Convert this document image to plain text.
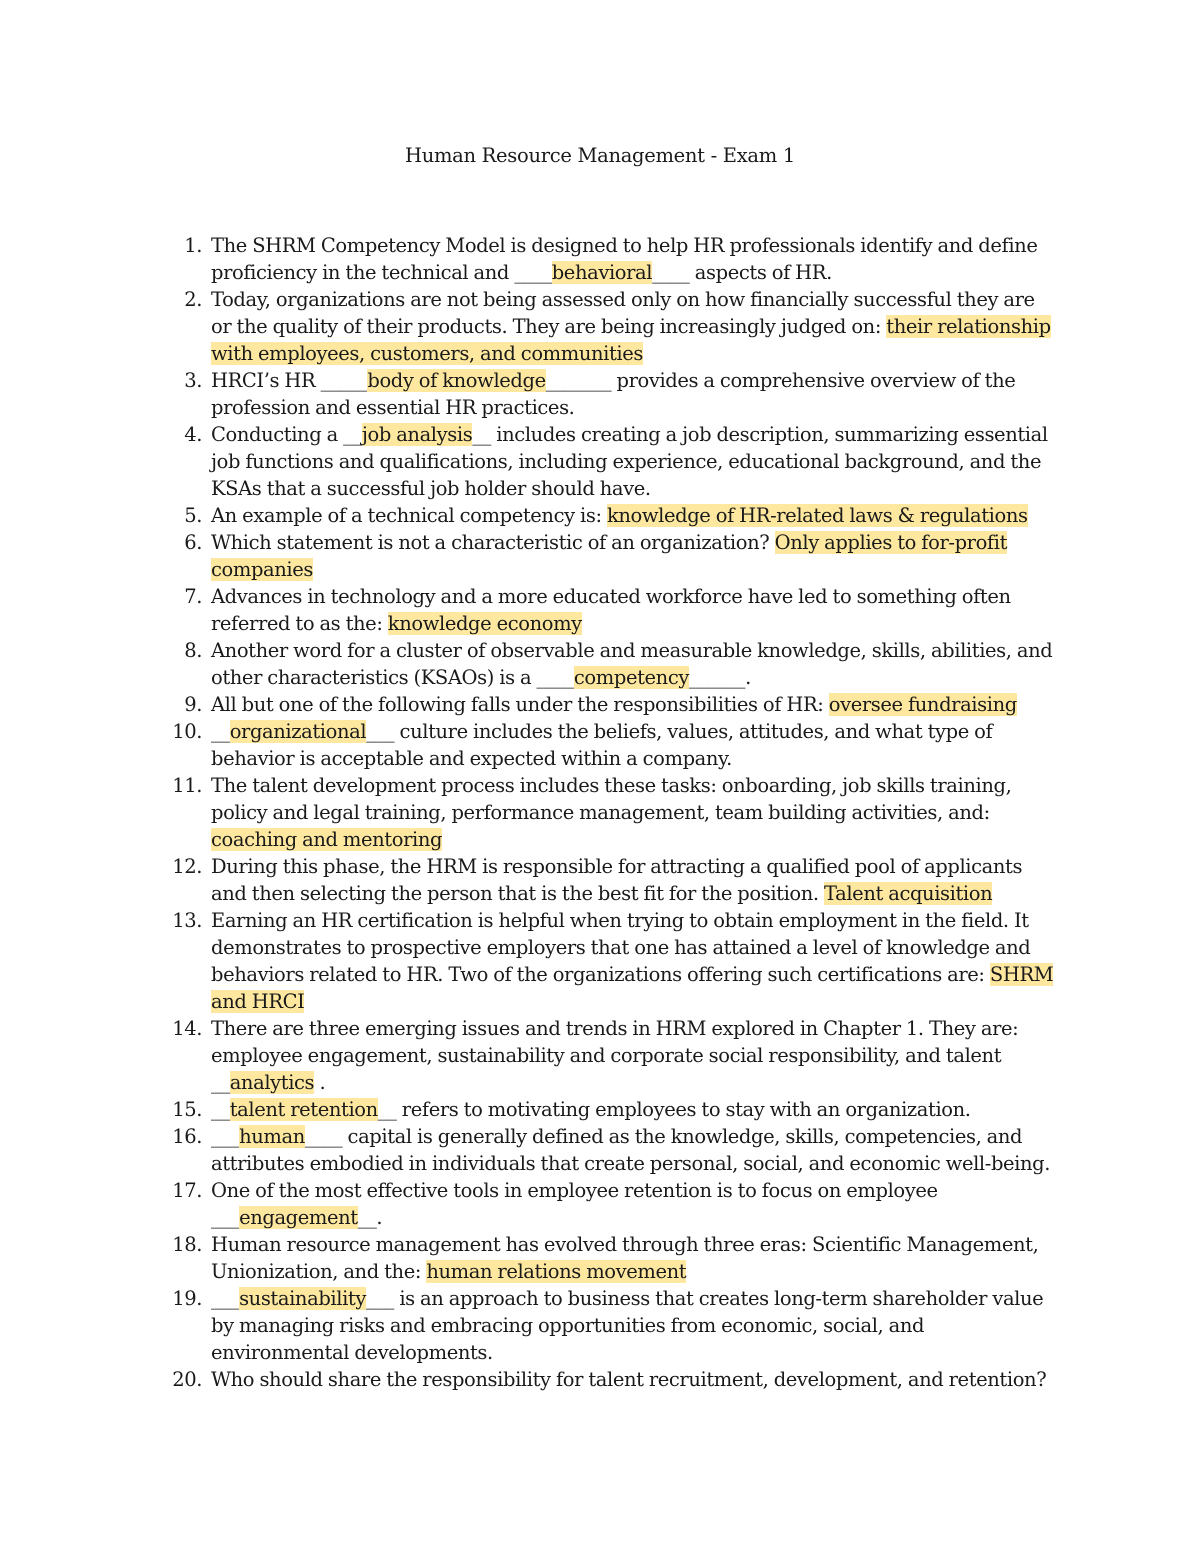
Human Resource Management - Exam 1
1. The SHRM Competency Model is designed to help HR professionals identify and define proficiency in the technical and ____behavioral____ aspects of HR.
2. Today, organizations are not being assessed only on how financially successful they are or the quality of their products. They are being increasingly judged on: their relationship with employees, customers, and communities
3. HRCI’s HR _____body of knowledge_______ provides a comprehensive overview of the profession and essential HR practices.
4. Conducting a __job analysis__ includes creating a job description, summarizing essential job functions and qualifications, including experience, educational background, and the KSAs that a successful job holder should have.
5. An example of a technical competency is: knowledge of HR-related laws & regulations
6. Which statement is not a characteristic of an organization? Only applies to for-profit companies
7. Advances in technology and a more educated workforce have led to something often referred to as the: knowledge economy
8. Another word for a cluster of observable and measurable knowledge, skills, abilities, and other characteristics (KSAOs) is a ____competency______.
9. All but one of the following falls under the responsibilities of HR: oversee fundraising
10. __organizational___ culture includes the beliefs, values, attitudes, and what type of behavior is acceptable and expected within a company.
11. The talent development process includes these tasks: onboarding, job skills training, policy and legal training, performance management, team building activities, and: coaching and mentoring
12. During this phase, the HRM is responsible for attracting a qualified pool of applicants and then selecting the person that is the best fit for the position. Talent acquisition
13. Earning an HR certification is helpful when trying to obtain employment in the field. It demonstrates to prospective employers that one has attained a level of knowledge and behaviors related to HR. Two of the organizations offering such certifications are: SHRM and HRCI
14. There are three emerging issues and trends in HRM explored in Chapter 1. They are: employee engagement, sustainability and corporate social responsibility, and talent __analytics .
15. __talent retention__ refers to motivating employees to stay with an organization.
16. ___human____ capital is generally defined as the knowledge, skills, competencies, and attributes embodied in individuals that create personal, social, and economic well-being.
17. One of the most effective tools in employee retention is to focus on employee ___engagement__.
18. Human resource management has evolved through three eras: Scientific Management, Unionization, and the: human relations movement
19. ___sustainability___ is an approach to business that creates long-term shareholder value by managing risks and embracing opportunities from economic, social, and environmental developments.
20. Who should share the responsibility for talent recruitment, development, and retention?
